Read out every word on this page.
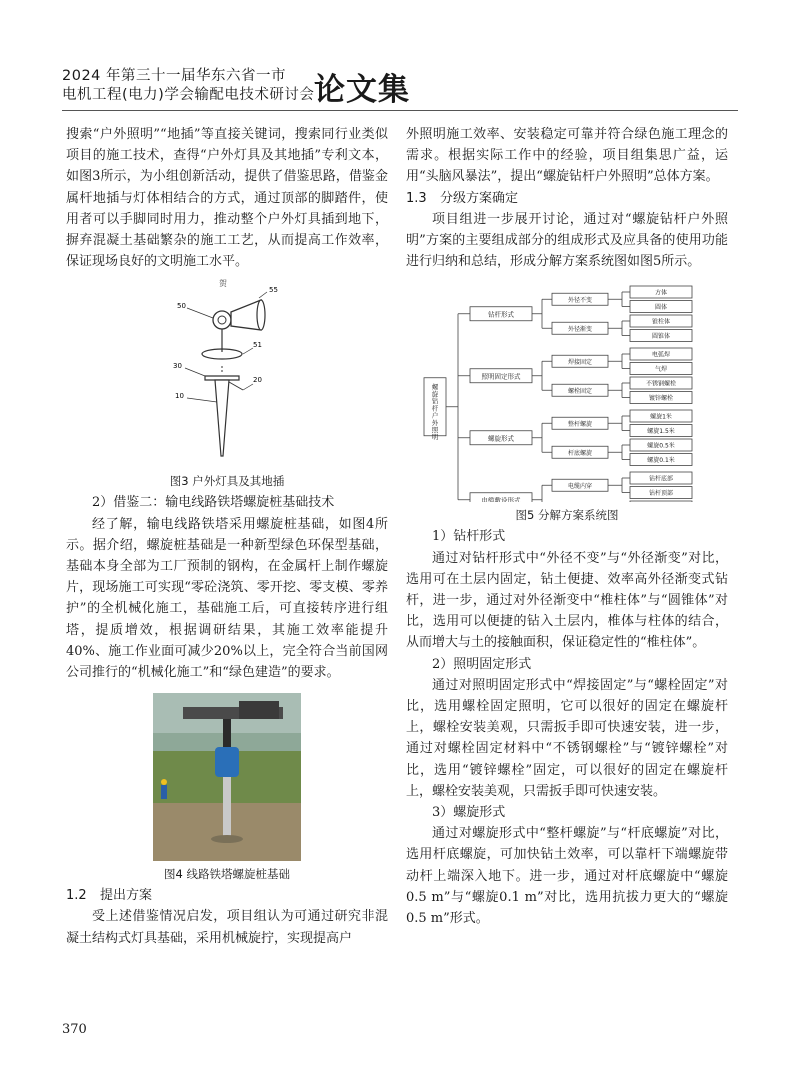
2024 年第三十一届华东六省一市
电机工程(电力)学会输配电技术研讨会 论文集

搜索“户外照明”“地插”等直接关键词，搜索同行业类似项目的施工技术，查得“户外灯具及其地插”专利文本，如图3所示，为小组创新活动，提供了借鉴思路，借鉴金属杆地插与灯体相结合的方式，通过顶部的脚踏件，使用者可以手脚同时用力，推动整个户外灯具插到地下，摒弃混凝土基础繁杂的施工工艺，从而提高工作效率，保证现场良好的文明施工水平。

贺
55
50
51
30
10
20
图3 户外灯具及其地插

2）借鉴二：输电线路铁塔螺旋桩基础技术

经了解，输电线路铁塔采用螺旋桩基础，如图4所示。据介绍，螺旋桩基础是一种新型绿色环保型基础，基础本身全部为工厂预制的钢构，在金属杆上制作螺旋片，现场施工可实现“零砼浇筑、零开挖、零支模、零养护”的全机械化施工，基础施工后，可直接转序进行组塔，提质增效，根据调研结果，其施工效率能提升40%、施工作业面可减少20%以上，完全符合当前国网公司推行的“机械化施工”和“绿色建造”的要求。

图4 线路铁塔螺旋桩基础

1.2 提出方案

受上述借鉴情况启发，项目组认为可通过研究非混凝土结构式灯具基础，采用机械旋拧，实现提高户

外照明施工效率、安装稳定可靠并符合绿色施工理念的需求。根据实际工作中的经验，项目组集思广益，运用“头脑风暴法”，提出“螺旋钻杆户外照明”总体方案。

1.3 分级方案确定

项目组进一步展开讨论，通过对“螺旋钻杆户外照明”方案的主要组成部分的组成形式及应具备的使用功能进行归纳和总结，形成分解方案系统图如图5所示。

方体
圆体
锥柱体
圆锥体
电弧焊
气焊
不锈钢螺栓
镀锌螺栓
螺旋1米
螺旋1.5米
螺旋0.5米
螺旋0.1米
钻杆底部
钻杆顶部
外径不变
外径渐变
焊接固定
螺栓固定
整杆螺旋
杆底螺旋
电缆内穿
钻杆形式
照明固定形式
螺旋形式
电缆敷设形式
螺旋钻杆户外照明
图5 分解方案系统图

1）钻杆形式

通过对钻杆形式中“外径不变”与“外径渐变”对比，选用可在土层内固定，钻土便捷、效率高外径渐变式钻杆，进一步，通过对外径渐变中“椎柱体”与“圆锥体”对比，选用可以便捷的钻入土层内，椎体与柱体的结合，从而增大与土的接触面积，保证稳定性的“椎柱体”。

2）照明固定形式

通过对照明固定形式中“焊接固定”与“螺栓固定”对比，选用螺栓固定照明，它可以很好的固定在螺旋杆上，螺栓安装美观，只需扳手即可快速安装，进一步，通过对螺栓固定材料中“不锈钢螺栓”与“镀锌螺栓”对比，选用“镀锌螺栓”固定，可以很好的固定在螺旋杆上，螺栓安装美观，只需扳手即可快速安装。

3）螺旋形式

通过对螺旋形式中“整杆螺旋”与“杆底螺旋”对比，选用杆底螺旋，可加快钻土效率，可以靠杆下端螺旋带动杆上端深入地下。进一步，通过对杆底螺旋中“螺旋0.5 m”与“螺旋0.1 m”对比，选用抗拔力更大的“螺旋0.5 m”形式。

370
